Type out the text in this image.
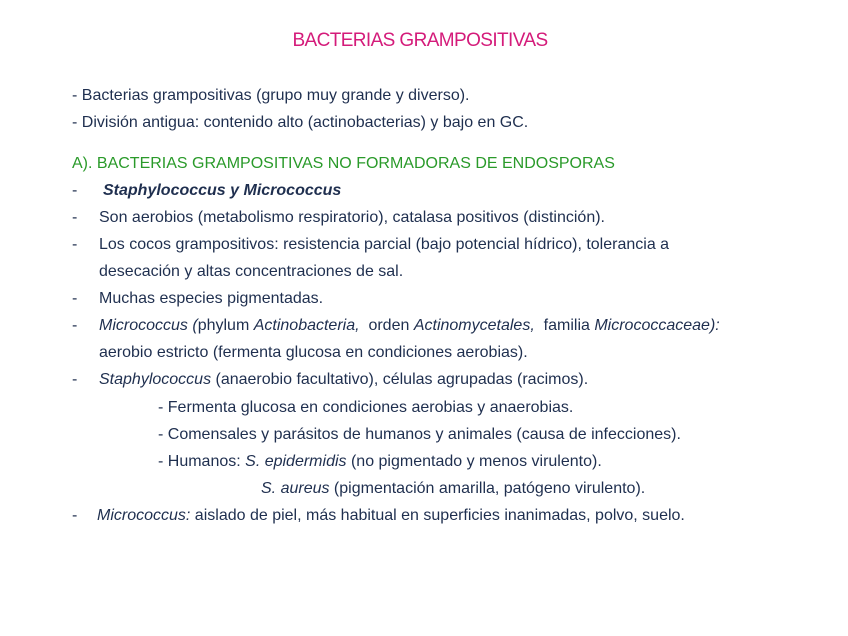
BACTERIAS GRAMPOSITIVAS
- Bacterias grampositivas (grupo muy grande y diverso).
- División antigua: contenido alto (actinobacterias) y bajo en GC.
A). BACTERIAS GRAMPOSITIVAS NO FORMADORAS DE ENDOSPORAS
- Staphylococcus y Micrococcus
- Son aerobios (metabolismo respiratorio), catalasa positivos (distinción).
- Los cocos grampositivos: resistencia parcial (bajo potencial hídrico), tolerancia a
desecación y altas concentraciones de sal.
- Muchas especies pigmentadas.
- Micrococcus (phylum Actinobacteria,  orden Actinomycetales,  familia Micrococcaceae):
aerobio estricto (fermenta glucosa en condiciones aerobias).
- Staphylococcus (anaerobio facultativo), células agrupadas (racimos).
- Fermenta glucosa en condiciones aerobias y anaerobias.
- Comensales y parásitos de humanos y animales (causa de infecciones).
- Humanos: S. epidermidis (no pigmentado y menos virulento).
S. aureus (pigmentación amarilla, patógeno virulento).
- Micrococcus: aislado de piel, más habitual en superficies inanimadas, polvo, suelo.
